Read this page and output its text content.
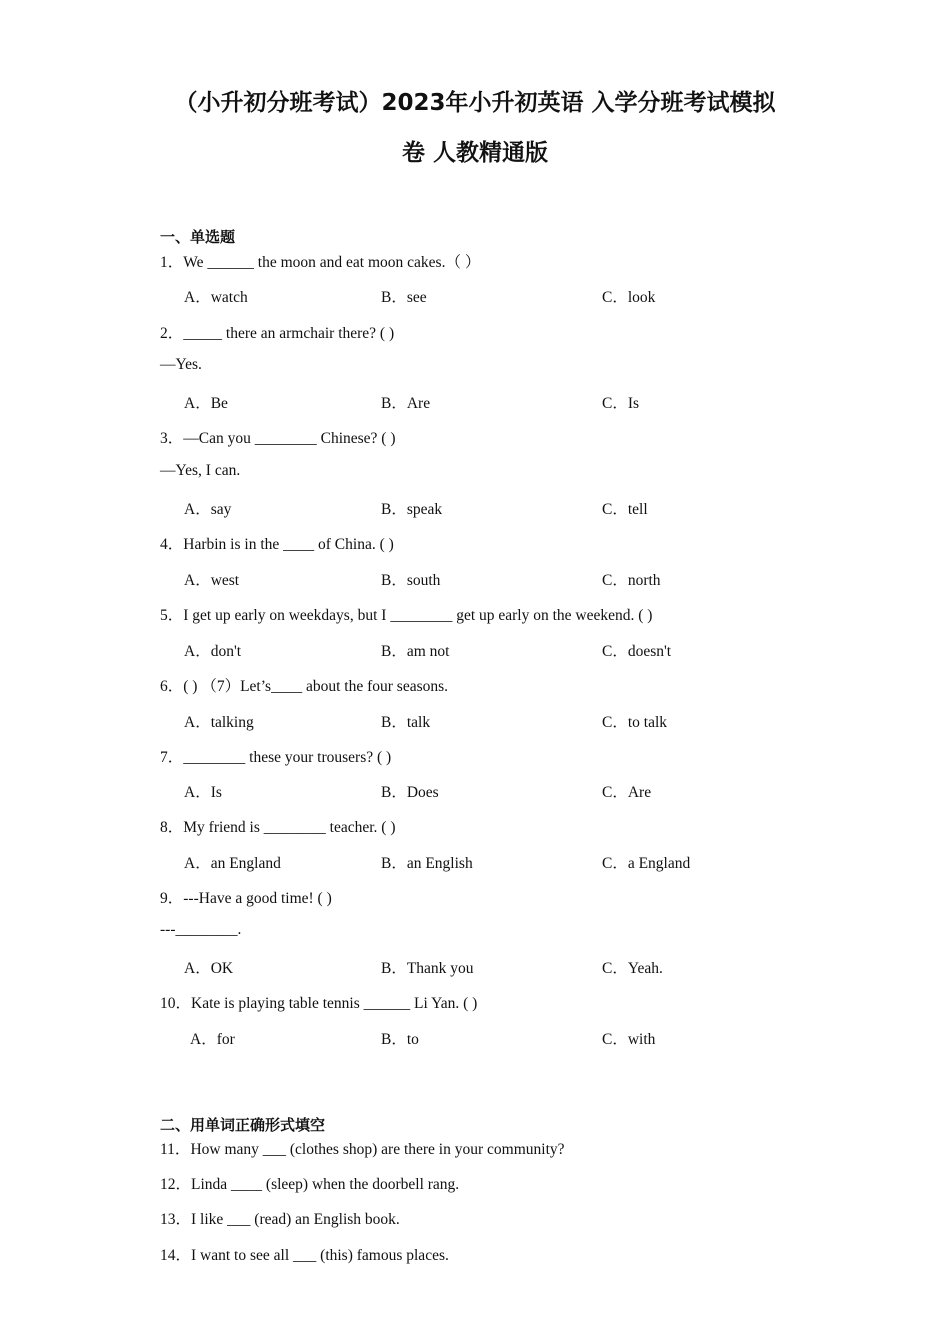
（小升初分班考试）2023年小升初英语 入学分班考试模拟
卷 人教精通版
一、单选题
1．We ______ the moon and eat moon cakes.（ ）
A．watch	B．see	C．look
2．_____ there an armchair there? ( )
—Yes.
A．Be	B．Are	C．Is
3．—Can you ________ Chinese? ( )
—Yes, I can.
A．say	B．speak	C．tell
4．Harbin is in the ____ of China. ( )
A．west	B．south	C．north
5．I get up early on weekdays, but I ________ get up early on the weekend. ( )
A．don't	B．am not	C．doesn't
6．( ) （7）Let’s____ about the four seasons.
A．talking	B．talk	C．to talk
7．________ these your trousers? ( )
A．Is	B．Does	C．Are
8．My friend is ________ teacher. ( )
A．an England	B．an English	C．a England
9．---Have a good time! ( )
---________.
A．OK	B．Thank you	C．Yeah.
10．Kate is playing table tennis ______ Li Yan. ( )
A．for	B．to	C．with
二、用单词正确形式填空
11．How many ___ (clothes shop) are there in your community?
12．Linda ____ (sleep) when the doorbell rang.
13．I like ___ (read) an English book.
14．I want to see all ___ (this) famous places.
